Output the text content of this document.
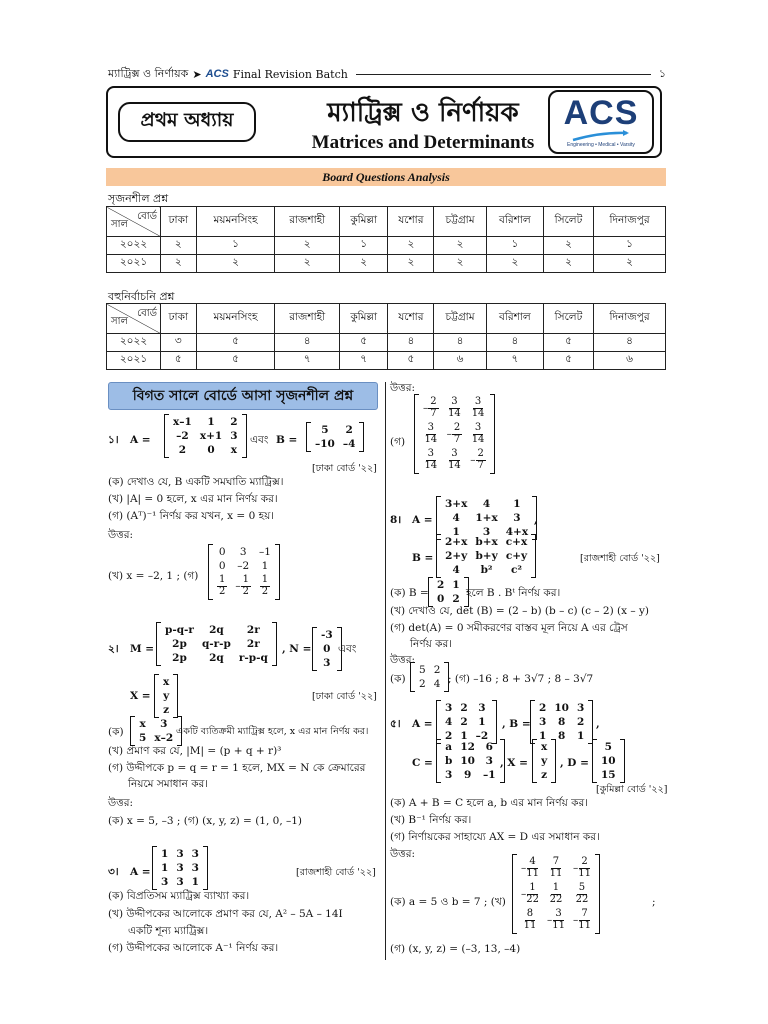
ম্যাট্রিক্স ও নির্ণায়ক ➤ ACS Final Revision Batch	১
প্রথম অধ্যায়	ম্যাট্রিক্স ও নির্ণায়ক
Matrices and Determinants
ACS
Engineering • Medical • Varsity
Board Questions Analysis
সৃজনশীল প্রশ্ন
বোর্ড
সাল	ঢাকা	ময়মনসিংহ	রাজশাহী	কুমিল্লা	যশোর	চট্টগ্রাম	বরিশাল	সিলেট	দিনাজপুর
২০২২	২	১	২	১	২	২	১	২	১
২০২১	২	২	২	২	২	২	২	২	২
বহুনির্বাচনি প্রশ্ন
বোর্ড
সাল	ঢাকা	ময়মনসিংহ	রাজশাহী	কুমিল্লা	যশোর	চট্টগ্রাম	বরিশাল	সিলেট	দিনাজপুর
২০২২	৩	৫	৪	৫	৪	৪	৪	৫	৪
২০২১	৫	৫	৭	৭	৫	৬	৭	৫	৬
বিগত সালে বোর্ডে আসা সৃজনশীল প্রশ্ন
১। A =
x–1	1	2
–2	x+1	3
2	0	x
এবং B =
5	2
–10	–4
[ঢাকা বোর্ড '২২]
(ক) দেখাও যে, B একটি সমঘাতি ম্যাট্রিক্স।
(খ) |A| = 0 হলে, x এর মান নির্ণয় কর।
(গ) (Aᵀ)⁻¹ নির্ণয় কর যখন, x = 0 হয়।
উত্তর:
(খ) x = –2, 1 ; (গ)
0	3	–1
0	–2	1

$\frac{1}{2}$	– $\frac{1}{2}$	$\frac{1}{2}$
২। M =
p-q-r	2q	2r
2p	q-r-p	2r
2p	2q	r-p-q
, N =
-3
0
3
এবং
X =
x
y
z
[ঢাকা বোর্ড '২২]
(ক)
x	3
5	x–2
একটি ব্যতিক্রমী ম্যাট্রিক্স হলে, x এর মান নির্ণয় কর।
(খ) প্রমাণ কর যে, |M| = (p + q + r)³
(গ) উদ্দীপকে p = q = r = 1 হলে, MX = N কে ক্রেমারের
নিয়মে সমাধান কর।
উত্তর:
(ক) x = 5, –3 ; (গ) (x, y, z) = (1, 0, –1)
৩। A =
1	3	3
1	3	3
3	3	1
[রাজশাহী বোর্ড '২২]
(ক) বিপ্রতিসম ম্যাট্রিক্স ব্যাখ্যা কর।
(খ) উদ্দীপকের আলোকে প্রমাণ কর যে, A² – 5A – 14I
একটি শূন্য ম্যাট্রিক্স।
(গ) উদ্দীপকের আলোকে A⁻¹ নির্ণয় কর।
উত্তর:
(গ)
– $\frac{2}{7}$	$\frac{3}{14}$	$\frac{3}{14}$

$\frac{3}{14}$	– $\frac{2}{7}$	$\frac{3}{14}$

$\frac{3}{14}$	$\frac{3}{14}$	– $\frac{2}{7}$
8। A =
3+x	4	1
4	1+x	3
1	3	4+x
,
B =
2+x	b+x	c+x
2+y	b+y	c+y
4	b²	c²
[রাজশাহী বোর্ড '২২]
(ক) B =
2	1
0	2 হলে B . Bᵗ নির্ণয় কর।
(খ) দেখাও যে, det (B) = (2 – b) (b – c) (c – 2) (x – y)
(গ) det(A) = 0 সমীকরণের বাস্তব মূল নিয়ে A এর ট্রেস
নির্ণয় কর।
উত্তর:
(ক)
5	2
2	4 ; (গ) –16 ; 8 + 3√7 ; 8 – 3√7
৫। A =
3	2	3
4	2	1
2	1	–2
, B =
2	10	3
3	8	2
1	8	1
,
C =
a	12	6
b	10	3
3	9	–1
, X =
x
y
z
, D =
5
10
15
[কুমিল্লা বোর্ড '২২]
(ক) A + B = C হলে a, b এর মান নির্ণয় কর।
(খ) B⁻¹ নির্ণয় কর।
(গ) নির্ণায়কের সাহায্যে AX = D এর সমাধান কর।
উত্তর:
(ক) a = 5 ও b = 7 ; (খ)
– $\frac{4}{11}$	$\frac{7}{11}$	– $\frac{2}{11}$

– $\frac{1}{22}$	$\frac{1}{22}$	$\frac{5}{22}$

$\frac{8}{11}$	– $\frac{3}{11}$	– $\frac{7}{11}$
;
(গ) (x, y, z) = (–3, 13, –4)
